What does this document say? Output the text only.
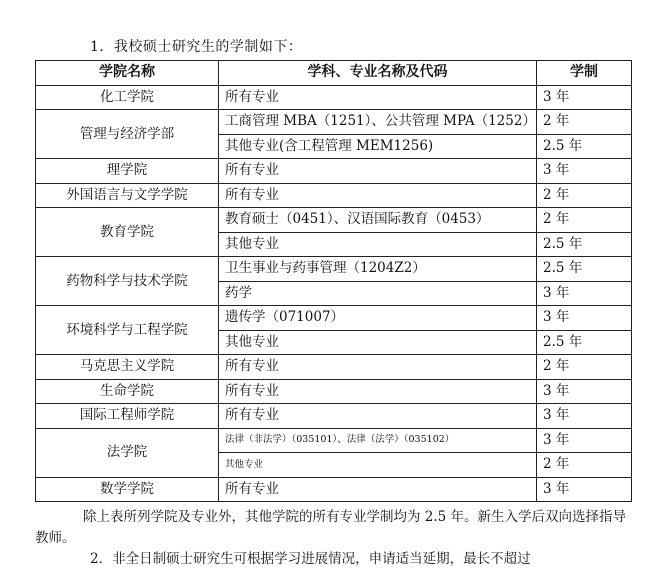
1．我校硕士研究生的学制如下：
学院名称	学科、专业名称及代码	学制
化工学院	所有专业	3 年
管理与经济学部	工商管理 MBA（1251）、公共管理 MPA（1252）	2 年
	其他专业(含工程管理 MEM1256)	2.5 年
理学院	所有专业	3 年
外国语言与文学学院	所有专业	2 年
教育学院	教育硕士（0451）、汉语国际教育（0453）	2 年
	其他专业	2.5 年
药物科学与技术学院	卫生事业与药事管理（1204Z2）	2.5 年
	药学	3 年
环境科学与工程学院	遗传学（071007）	3 年
	其他专业	2.5 年
马克思主义学院	所有专业	2 年
生命学院	所有专业	3 年
国际工程师学院	所有专业	3 年
法学院	法律（非法学）（035101）、法律（法学）（035102）	3 年
	其他专业	2 年
数学学院	所有专业	3 年
除上表所列学院及专业外，其他学院的所有专业学制均为 2.5 年。新生入学后双向选择指导教师。
2．非全日制硕士研究生可根据学习进展情况，申请适当延期，最长不超过
